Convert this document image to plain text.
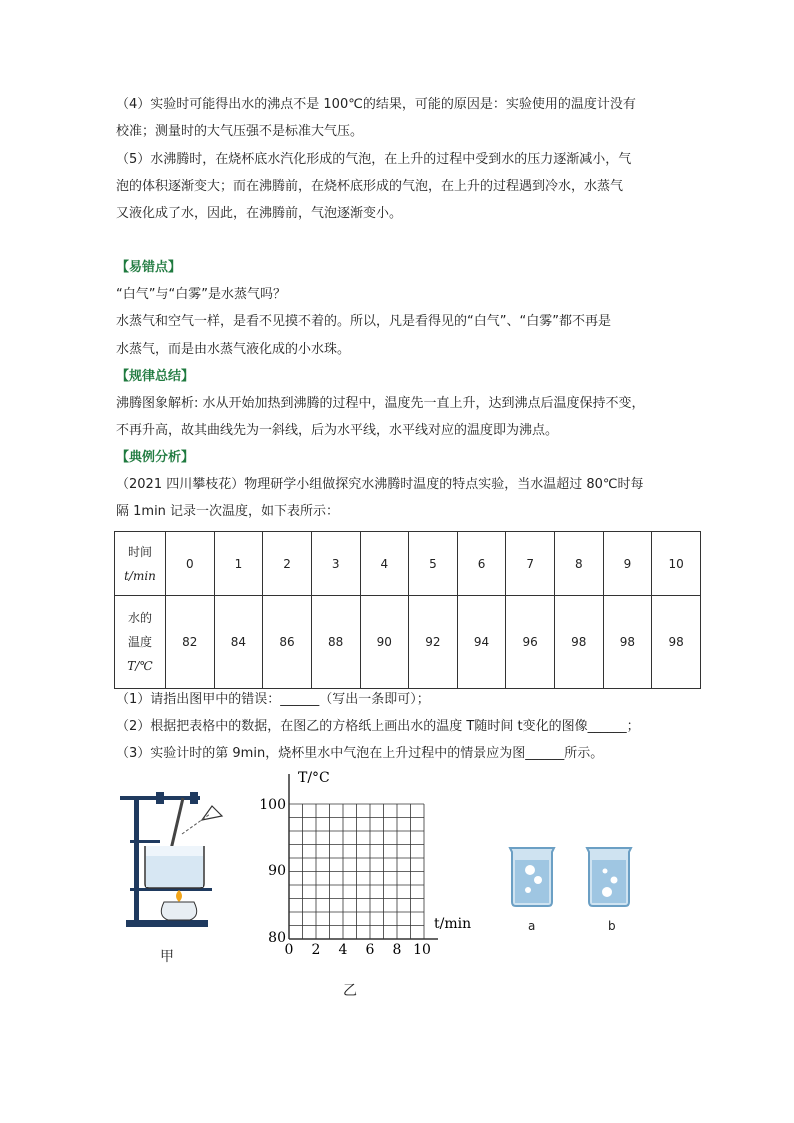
（4）实验时可能得出水的沸点不是 100℃的结果，可能的原因是：实验使用的温度计没有
校准；测量时的大气压强不是标准大气压。
（5）水沸腾时，在烧杯底水汽化形成的气泡，在上升的过程中受到水的压力逐渐减小，气
泡的体积逐渐变大；而在沸腾前，在烧杯底形成的气泡，在上升的过程遇到冷水，水蒸气
又液化成了水，因此，在沸腾前，气泡逐渐变小。
【易错点】
“白气”与“白雾”是水蒸气吗？
水蒸气和空气一样，是看不见摸不着的。所以，凡是看得见的“白气”、“白雾”都不再是
水蒸气，而是由水蒸气液化成的小水珠。
【规律总结】
沸腾图象解析: 水从开始加热到沸腾的过程中，温度先一直上升，达到沸点后温度保持不变，
不再升高，故其曲线先为一斜线，后为水平线，水平线对应的温度即为沸点。
【典例分析】
（2021 四川攀枝花）物理研学小组做探究水沸腾时温度的特点实验，当水温超过 80℃时每
隔 1min 记录一次温度，如下表所示：
时间
t/min	0	1	2	3	4	5	6	7	8	9	10

水的
温度
T/℃	82	84	86	88	90	92	94	96	98	98	98
（1）请指出图甲中的错误：______（写出一条即可）；
（2）根据把表格中的数据，在图乙的方格纸上画出水的温度 T随时间 t变化的图像______；
（3）实验计时的第 9min，烧杯里水中气泡在上升过程中的情景应为图______所示。
甲
T/°C
t/min
100
90
80
0 2 4 6 8 10
乙
a	b
